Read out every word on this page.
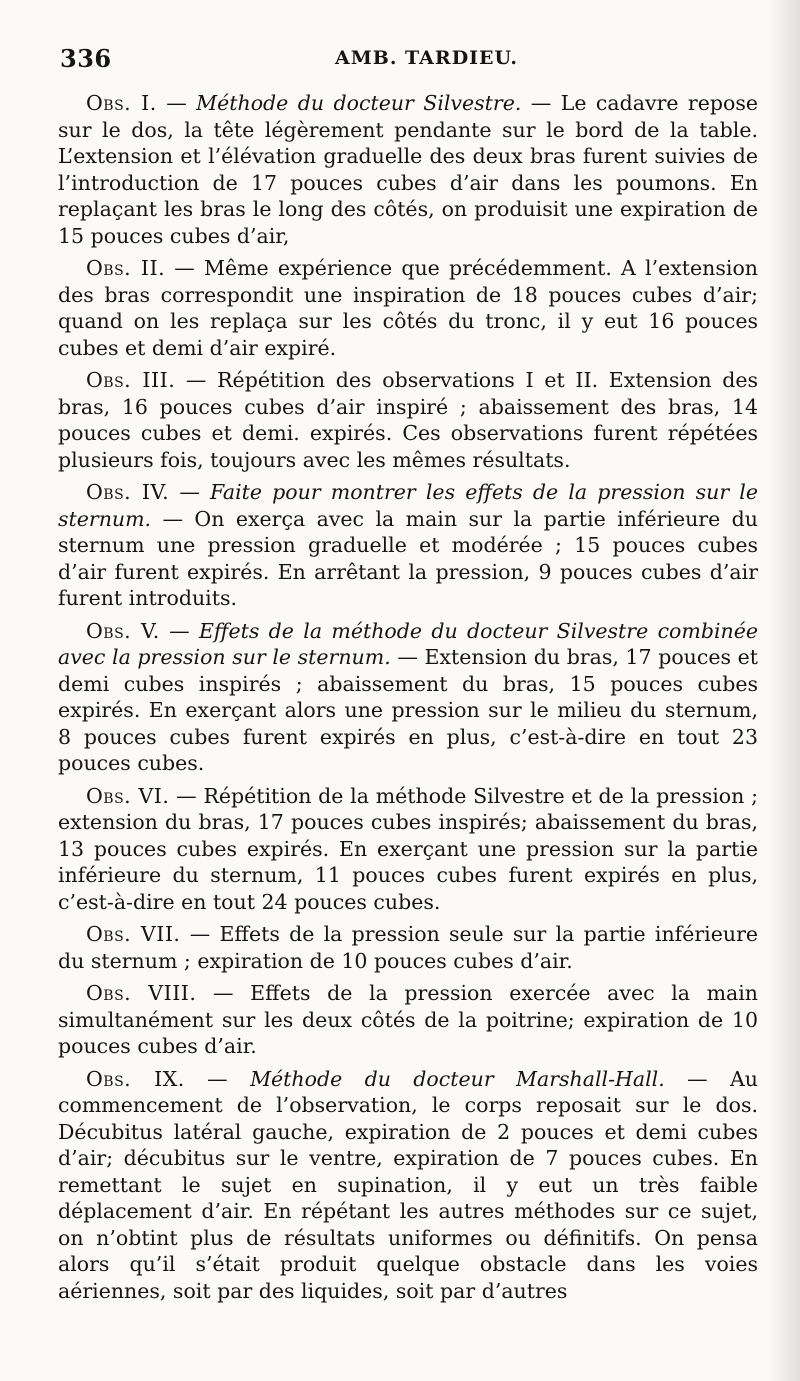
336	AMB. TARDIEU.

Obs. I. — Méthode du docteur Silvestre. — Le cadavre repose sur le dos, la tête légèrement pendante sur le bord de la table. L’extension et l’élévation graduelle des deux bras furent suivies de l’introduction de 17 pouces cubes d’air dans les poumons. En replaçant les bras le long des côtés, on produisit une expiration de 15 pouces cubes d’air,

Obs. II. — Même expérience que précédemment. A l’extension des bras correspondit une inspiration de 18 pouces cubes d’air; quand on les replaça sur les côtés du tronc, il y eut 16 pouces cubes et demi d’air expiré.

Obs. III. — Répétition des observations I et II. Extension des bras, 16 pouces cubes d’air inspiré ; abaissement des bras, 14 pouces cubes et demi. expirés. Ces observations furent répétées plusieurs fois, toujours avec les mêmes résultats.

Obs. IV. — Faite pour montrer les effets de la pression sur le sternum. — On exerça avec la main sur la partie inférieure du sternum une pression graduelle et modérée ; 15 pouces cubes d’air furent expirés. En arrêtant la pression, 9 pouces cubes d’air furent introduits.

Obs. V. — Effets de la méthode du docteur Silvestre combinée avec la pression sur le sternum. — Extension du bras, 17 pouces et demi cubes inspirés ; abaissement du bras, 15 pouces cubes expirés. En exerçant alors une pression sur le milieu du sternum, 8 pouces cubes furent expirés en plus, c’est-à-dire en tout 23 pouces cubes.

Obs. VI. — Répétition de la méthode Silvestre et de la pression ; extension du bras, 17 pouces cubes inspirés; abaissement du bras, 13 pouces cubes expirés. En exerçant une pression sur la partie inférieure du sternum, 11 pouces cubes furent expirés en plus, c’est-à-dire en tout 24 pouces cubes.

Obs. VII. — Effets de la pression seule sur la partie inférieure du sternum ; expiration de 10 pouces cubes d’air.

Obs. VIII. — Effets de la pression exercée avec la main simultanément sur les deux côtés de la poitrine; expiration de 10 pouces cubes d’air.

Obs. IX. — Méthode du docteur Marshall-Hall. — Au commencement de l’observation, le corps reposait sur le dos. Décubitus latéral gauche, expiration de 2 pouces et demi cubes d’air; décubitus sur le ventre, expiration de 7 pouces cubes. En remettant le sujet en supination, il y eut un très faible déplacement d’air. En répétant les autres méthodes sur ce sujet, on n’obtint plus de résultats uniformes ou définitifs. On pensa alors qu’il s’était produit quelque obstacle dans les voies aériennes, soit par des liquides, soit par d’autres
